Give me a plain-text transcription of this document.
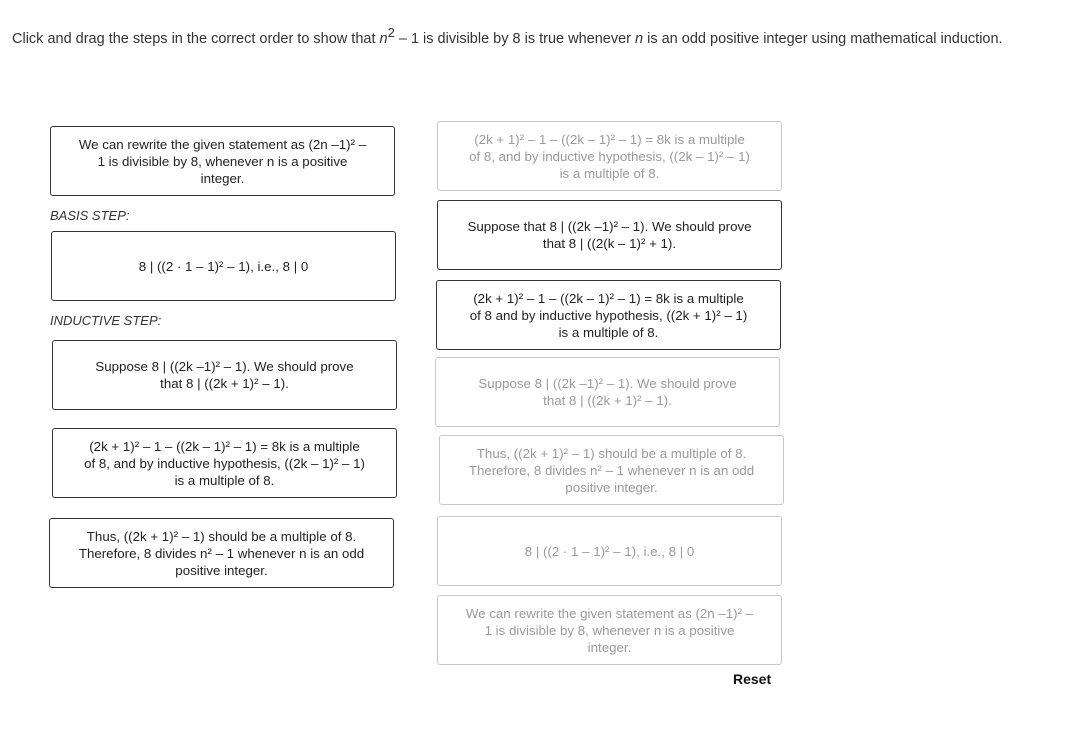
Click and drag the steps in the correct order to show that $n^2 - 1$ is divisible by 8 is true whenever n is an odd positive integer using mathematical induction.
We can rewrite the given statement as (2n –1)² –
1 is divisible by 8, whenever n is a positive
integer.
BASIS STEP:
8 | ((2 · 1 – 1)² – 1), i.e., 8 | 0
INDUCTIVE STEP:
Suppose 8 | ((2k –1)² – 1). We should prove
that 8 | ((2k + 1)² – 1).
(2k + 1)² – 1 – ((2k – 1)² – 1) = 8k is a multiple
of 8, and by inductive hypothesis, ((2k – 1)² – 1)
is a multiple of 8.
Thus, ((2k + 1)² – 1) should be a multiple of 8.
Therefore, 8 divides n² – 1 whenever n is an odd
positive integer.
(2k + 1)² – 1 – ((2k – 1)² – 1) = 8k is a multiple
of 8, and by inductive hypothesis, ((2k – 1)² – 1)
is a multiple of 8.
Suppose that 8 | ((2k –1)² – 1). We should prove
that 8 | ((2(k – 1)² + 1).
(2k + 1)² – 1 – ((2k – 1)² – 1) = 8k is a multiple
of 8 and by inductive hypothesis, ((2k + 1)² – 1)
is a multiple of 8.
Suppose 8 | ((2k –1)² – 1). We should prove
that 8 | ((2k + 1)² – 1).
Thus, ((2k + 1)² – 1) should be a multiple of 8.
Therefore, 8 divides n² – 1 whenever n is an odd
positive integer.
8 | ((2 · 1 – 1)² – 1), i.e., 8 | 0
We can rewrite the given statement as (2n –1)² –
1 is divisible by 8, whenever n is a positive
integer.
Reset
